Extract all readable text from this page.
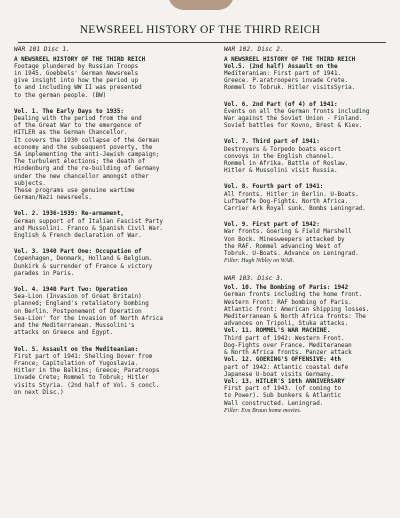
NEWSREEL HISTORY OF THE THIRD REICH
WAR 101 Disc 1.
A NEWSREEL HISTORY OF THE THIRD REICH
Footage plundered by Russian Troops
in 1945. Goebbels' German Newsreels
give insight into how the period up
to and including WW II was presented
to the german people. (BW)
Vol. 1. The Early Days to 1935:
Dealing with the period from the end
of the Great War to the emergence of
HITLER as the German Chancellor.
It covers the 1930 collapse of the German
economy and the subsequent poverty, the
SA implementing the anti-Jewish campaign;
The turbulent elections; the death of
Hindenburg and the re-building of Germany
under the new chancellor amongst other
subjects.
These programs use genuine wartime
German/Nazi newsreels.
Vol. 2. 1936-1939: Re-armament,
German support of of Italian Fascist Party
and Mussolini. Franco & Spanish Civil War.
English & French declaration of War.
Vol. 3. 1940 Part One: Occupation of
Copenhagen, Denmark, Holland & Belgium.
Dunkirk & surrender of France & victory
parades in Paris.
Vol. 4. 1940 Part Two: Operation
Sea-Lion (Invasion of Great Britain)
planned; England's retaliatory bombing
on Berlin. Postponement of Operation
Sea-Lion' for the invasion of North Africa
and the Mediterranean. Mussolini's
attacks on Greece and Egypt.
Vol. 5. Assault on the Mediteanian:
First part of 1941: Shelling Dover from
France; Capitulation of Yugoslavia.
Hitler in the Balkins; Greece; Paratroops
invade Crete; Rommel to Tobruk; Hitler
visits Styria. (2nd half of Vol. 5 concl.
on next Disc.)
WAR 102. Disc 2.
A NEWSREEL HISTORY OF THE THIRD REICH
Vol.5. (2nd half) Assault on the
Mediteranian: First part of 1941.
Greece. P.aratroopers invade Crete.
Rommel to Tobruk. Hitler visitsSyria.
Vol. 6. 2nd Part (of 4) of 1941:
Events on all the German fronts including
War against the Soviet Union - Finland.
Soviet battles for Kovno, Brest & Kiev.
Vol. 7. Third part of 1941:
Destroyers & Torpedo boats escort
convoys in the English channel.
Rommel in Afrika. Battle of Roslaw.
Hitler & Mussolini visit Russia.
Vol. 8. Fourth part of 1941:
All fronts. Hitler in Berlin. U-Boats.
Luftwaffe Dog-Fights. North Africa.
Carrier Ark Royal sunk. Bombs Leningrad.
Vol. 9. First part of 1942:
War fronts. Goering & Field Marshell
Von Bock. Minesweepers attacked by
the RAF. Rommel advancing West of
Tobruk. U-Boats. Advance on Leningrad.
Filler: Hugh Nibley on WAR.
WAR 103. Disc 3.
Vol. 10. The Bombing of Paris: 1942
German fronts including the home front.
Western Front: RAF bombing of Paris.
Atlantic front: American shipping losses.
Mediterranean & North Africa fronts: The
advances on Tripoli, Stuka attacks.
Vol. 11. ROMMEL'S WAR MACHINE.
Third part of 1942: Western Front.
Dog-Fights over France. Mediteranean
& North Africa fronts. Panzer attack
Vol. 12. GOERING'S OFFENSIVE: 4th
part of 1942: Atlantic coastal defe
Japanese U-boat visits Germany.
Vol. 13. HITLER'S 10th ANNIVERSARY
First part of 1943. (of coming to
to Power). Sub bunkers & Atlantic
Wall constructed. Leningrad.
Filler: Eva Braun home movies.
